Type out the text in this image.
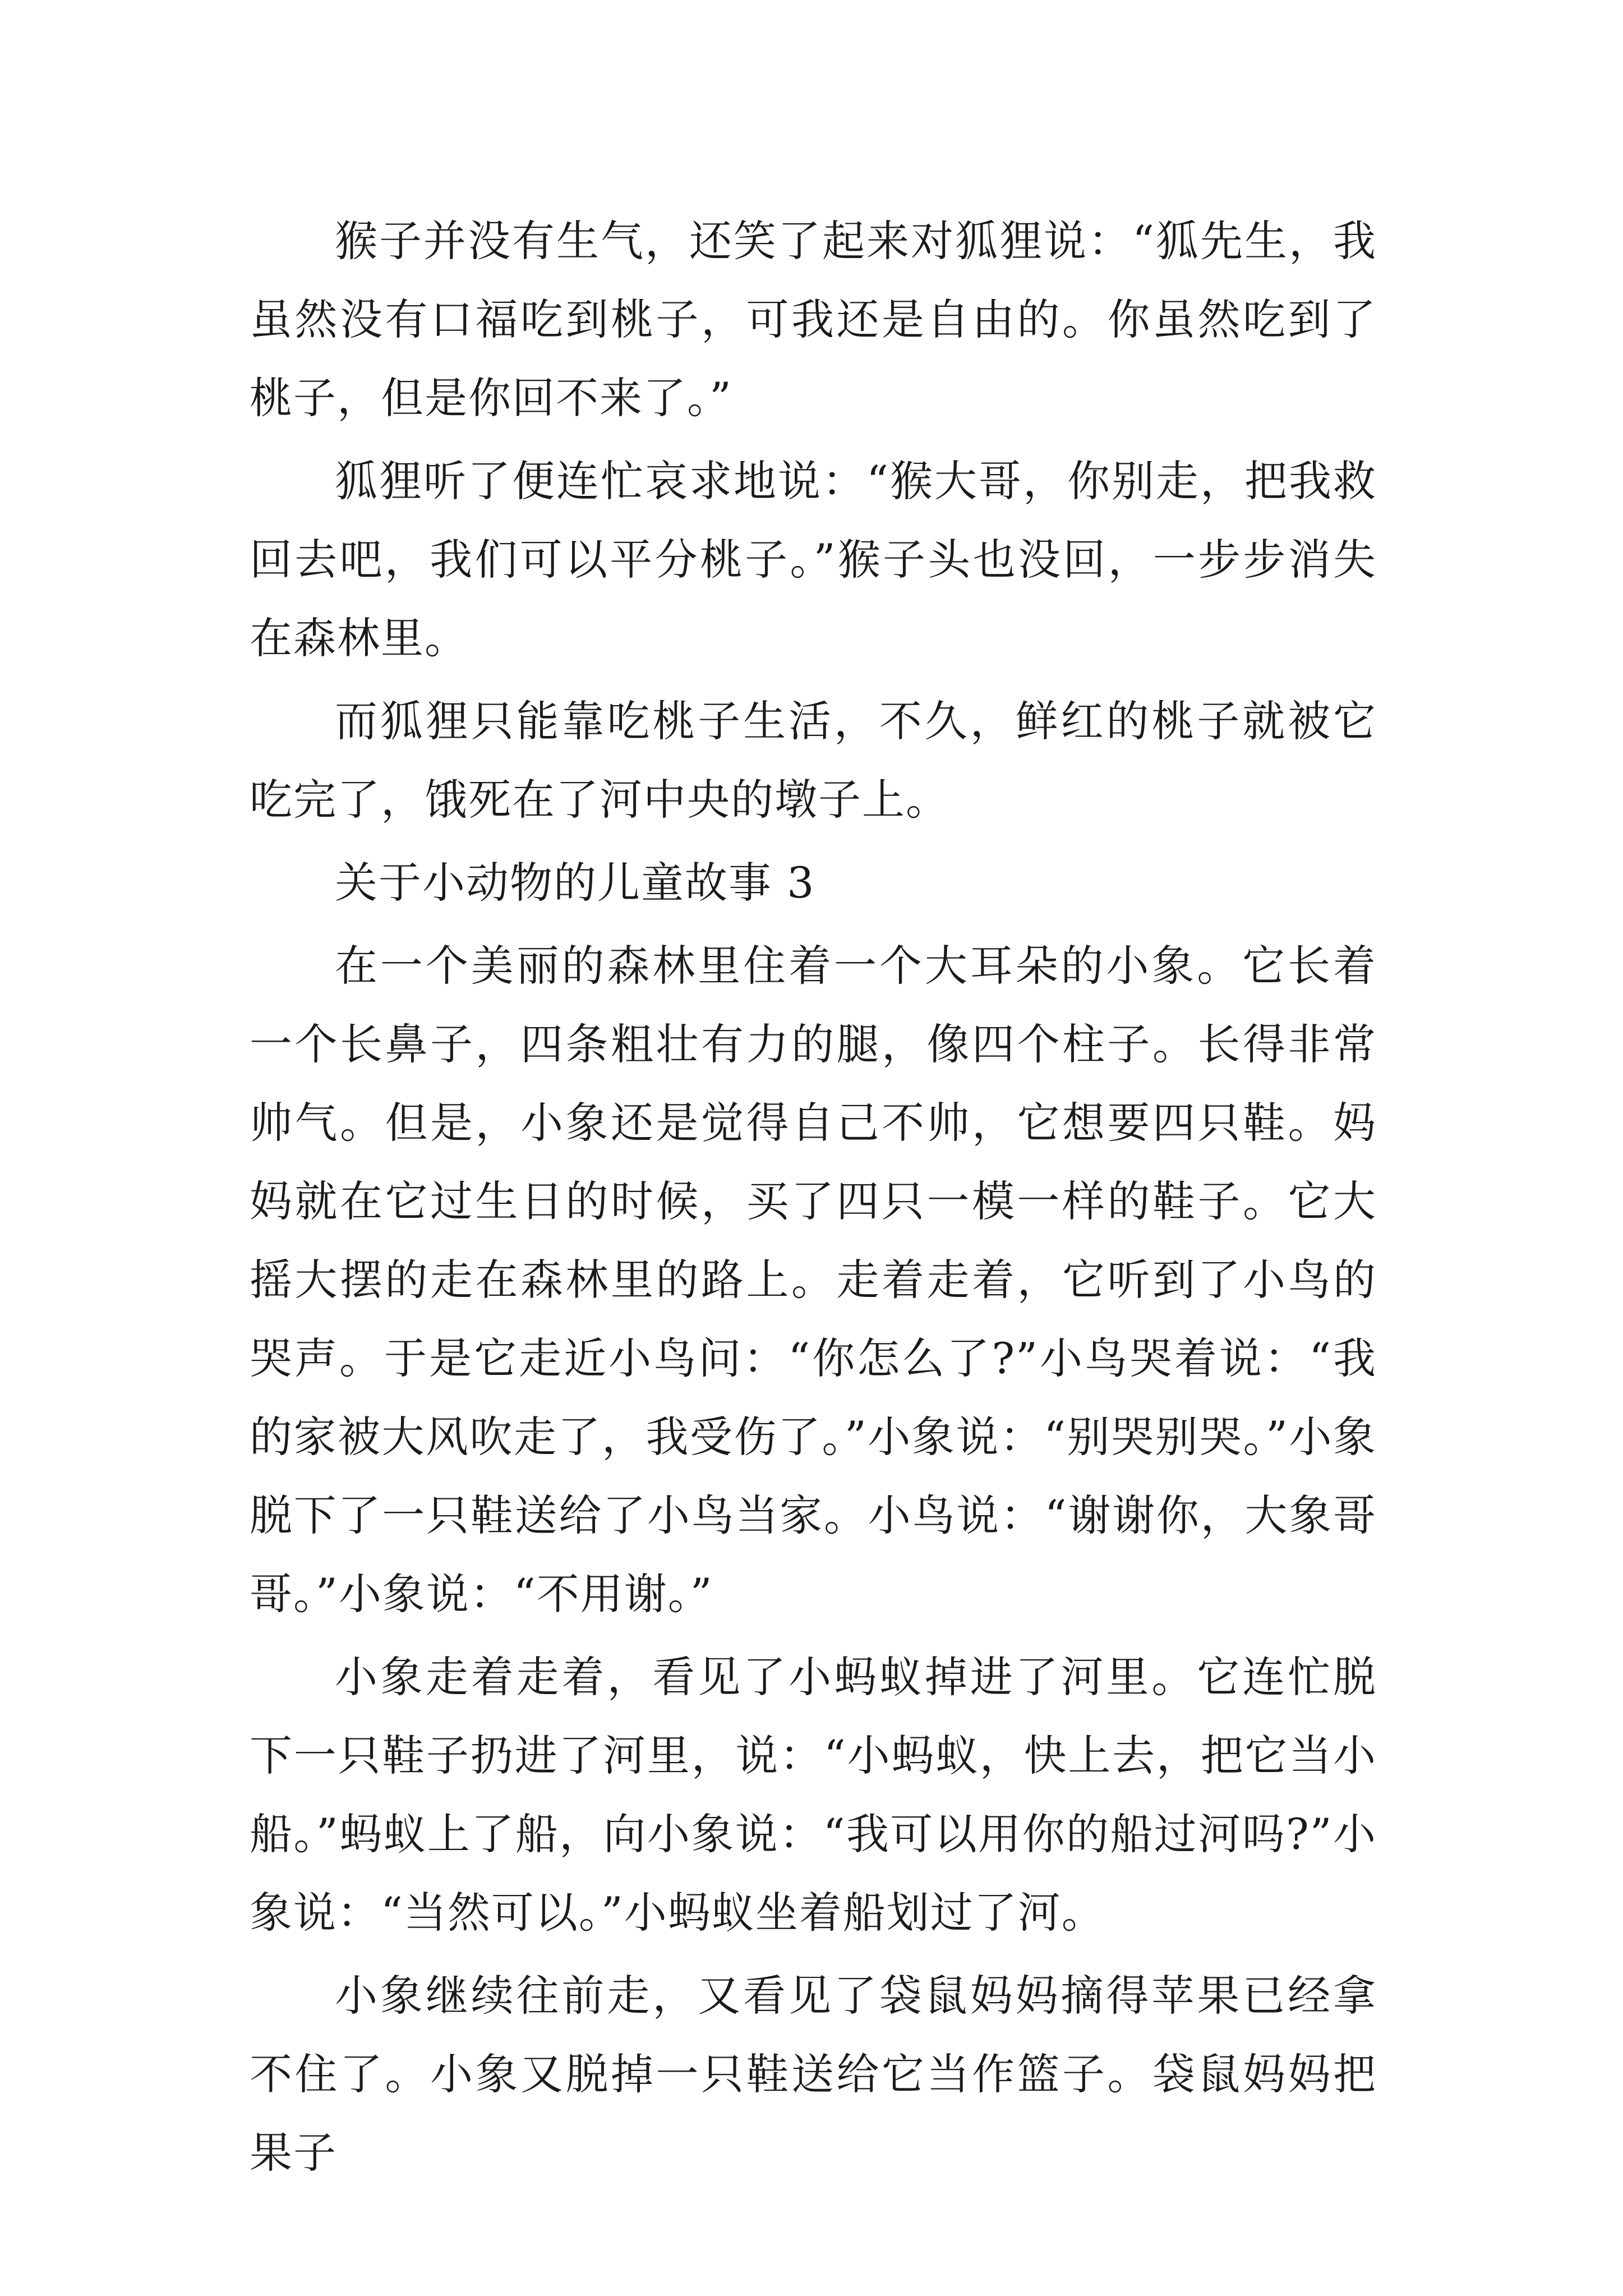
猴子并没有生气，还笑了起来对狐狸说：“狐先生，我虽然没有口福吃到桃子，可我还是自由的。你虽然吃到了桃子，但是你回不来了。”

狐狸听了便连忙哀求地说：“猴大哥，你别走，把我救回去吧，我们可以平分桃子。”猴子头也没回，一步步消失在森林里。

而狐狸只能靠吃桃子生活，不久，鲜红的桃子就被它吃完了，饿死在了河中央的墩子上。

关于小动物的儿童故事 3

在一个美丽的森林里住着一个大耳朵的小象。它长着一个长鼻子，四条粗壮有力的腿，像四个柱子。长得非常帅气。但是，小象还是觉得自己不帅，它想要四只鞋。妈妈就在它过生日的时候，买了四只一模一样的鞋子。它大摇大摆的走在森林里的路上。走着走着，它听到了小鸟的哭声。于是它走近小鸟问：“你怎么了?”小鸟哭着说：“我的家被大风吹走了，我受伤了。”小象说：“别哭别哭。”小象脱下了一只鞋送给了小鸟当家。小鸟说：“谢谢你，大象哥哥。”小象说：“不用谢。”

小象走着走着，看见了小蚂蚁掉进了河里。它连忙脱下一只鞋子扔进了河里，说：“小蚂蚁，快上去，把它当小船。”蚂蚁上了船，向小象说：“我可以用你的船过河吗?”小象说：“当然可以。”小蚂蚁坐着船划过了河。

小象继续往前走，又看见了袋鼠妈妈摘得苹果已经拿不住了。小象又脱掉一只鞋送给它当作篮子。袋鼠妈妈把果子
